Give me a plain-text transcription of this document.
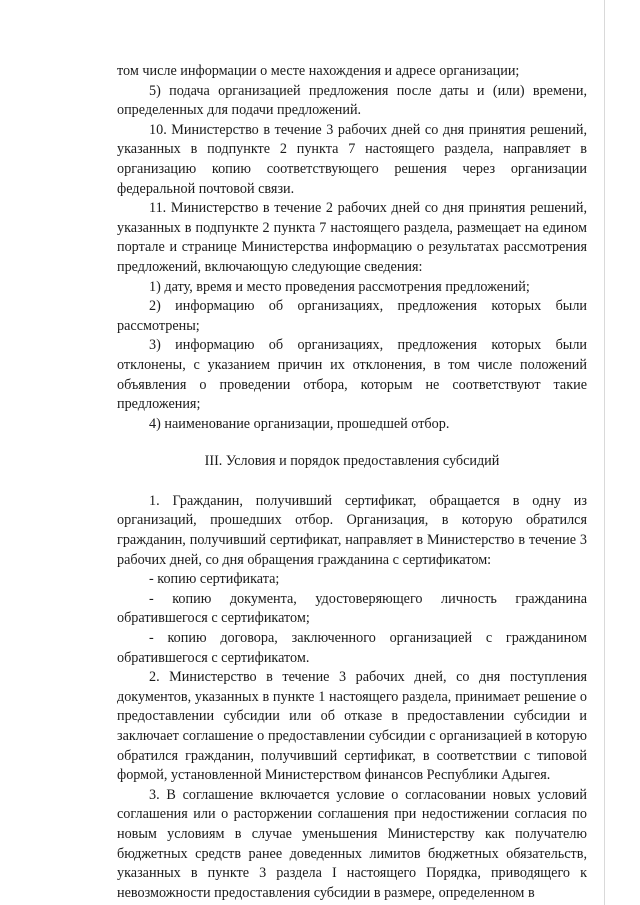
том числе информации о месте нахождения и адресе организации;

5) подача организацией предложения после даты и (или) времени, определенных для подачи предложений.

10. Министерство в течение 3 рабочих дней со дня принятия решений, указанных в подпункте 2 пункта 7 настоящего раздела, направляет в организацию копию соответствующего решения через организации федеральной почтовой связи.

11. Министерство в течение 2 рабочих дней со дня принятия решений, указанных в подпункте 2 пункта 7 настоящего раздела, размещает на едином портале и странице Министерства информацию о результатах рассмотрения предложений, включающую следующие сведения:

1) дату, время и место проведения рассмотрения предложений;

2) информацию об организациях, предложения которых были рассмотрены;

3) информацию об организациях, предложения которых были отклонены, с указанием причин их отклонения, в том числе положений объявления о проведении отбора, которым не соответствуют такие предложения;

4) наименование организации, прошедшей отбор.

III. Условия и порядок предоставления субсидий

1. Гражданин, получивший сертификат, обращается в одну из организаций, прошедших отбор. Организация, в которую обратился гражданин, получивший сертификат, направляет в Министерство в течение 3 рабочих дней, со дня обращения гражданина с сертификатом:

- копию сертификата;

- копию документа, удостоверяющего личность гражданина обратившегося с сертификатом;

- копию договора, заключенного организацией с гражданином обратившегося с сертификатом.

2. Министерство в течение 3 рабочих дней, со дня поступления документов, указанных в пункте 1 настоящего раздела, принимает решение о предоставлении субсидии или об отказе в предоставлении субсидии и заключает соглашение о предоставлении субсидии с организацией в которую обратился гражданин, получивший сертификат, в соответствии с типовой формой, установленной Министерством финансов Республики Адыгея.

3. В соглашение включается условие о согласовании новых условий соглашения или о расторжении соглашения при недостижении согласия по новым условиям в случае уменьшения Министерству как получателю бюджетных средств ранее доведенных лимитов бюджетных обязательств, указанных в пункте 3 раздела I настоящего Порядка, приводящего к невозможности предоставления субсидии в размере, определенном в
